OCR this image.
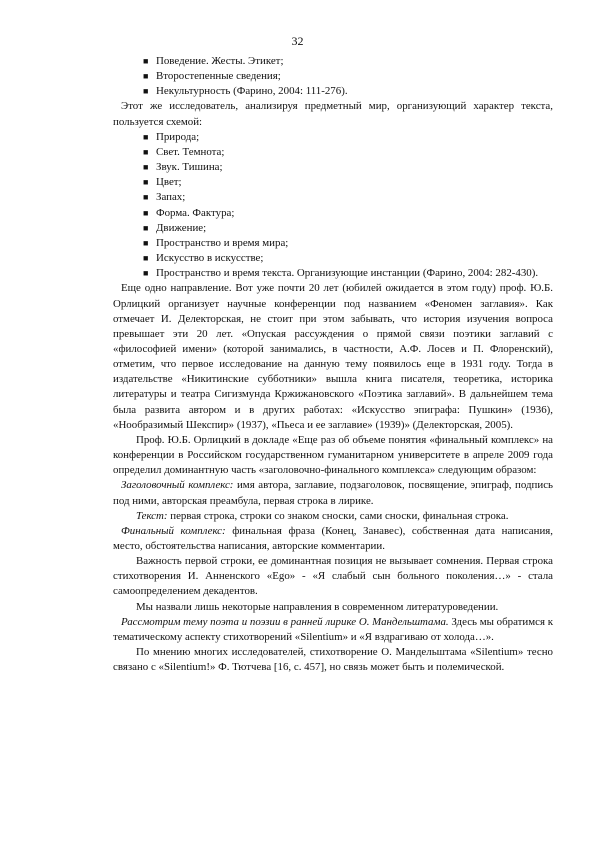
32
■ Поведение. Жесты. Этикет;
■ Второстепенные сведения;
■ Некультурность (Фарино, 2004: 111-276).

Этот же исследователь, анализируя предметный мир, организующий характер текста, пользуется схемой:

■ Природа;
■ Свет. Темнота;
■ Звук. Тишина;
■ Цвет;
■ Запах;
■ Форма. Фактура;
■ Движение;
■ Пространство и время мира;
■ Искусство в искусстве;
■ Пространство и время текста. Организующие инстанции (Фарино, 2004: 282-430).

Еще одно направление. Вот уже почти 20 лет (юбилей ожидается в этом году) проф. Ю.Б. Орлицкий организует научные конференции под названием «Феномен заглавия». Как отмечает И. Делекторская, не стоит при этом забывать, что история изучения вопроса превышает эти 20 лет. «Опуская рассуждения о прямой связи поэтики заглавий с «философией имени» (которой занимались, в частности, А.Ф. Лосев и П. Флоренский), отметим, что первое исследование на данную тему появилось еще в 1931 году. Тогда в издательстве «Никитинские субботники» вышла книга писателя, теоретика, историка литературы и театра Сигизмунда Кржижановского «Поэтика заглавий». В дальнейшем тема была развита автором и в других работах: «Искусство эпиграфа: Пушкин» (1936), «Нообразимый Шекспир» (1937), «Пьеса и ее заглавие» (1939)» (Делекторская, 2005).

Проф. Ю.Б. Орлицкий в докладе «Еще раз об объеме понятия «финальный комплекс» на конференции в Российском государственном гуманитарном университете в апреле 2009 года определил доминантную часть «заголовочно-финального комплекса» следующим образом:

Заголовочный комплекс: имя автора, заглавие, подзаголовок, посвящение, эпиграф, подпись под ними, авторская преамбула, первая строка в лирике.

Текст: первая строка, строки со знаком сноски, сами сноски, финальная строка.

Финальный комплекс: финальная фраза (Конец, Занавес), собственная дата написания, место, обстоятельства написания, авторские комментарии.

Важность первой строки, ее доминантная позиция не вызывает сомнения. Первая строка стихотворения И. Анненского «Ego» - «Я слабый сын больного поколения…» - стала самоопределением декадентов.

Мы назвали лишь некоторые направления в современном литературоведении.

Рассмотрим тему поэта и поэзии в ранней лирике О. Мандельштама. Здесь мы обратимся к тематическому аспекту стихотворений «Silentium» и «Я вздрагиваю от холода…».

По мнению многих исследователей, стихотворение О. Мандельштама «Silentium» тесно связано с «Silentium!» Ф. Тютчева [16, с. 457], но связь может быть и полемической.
